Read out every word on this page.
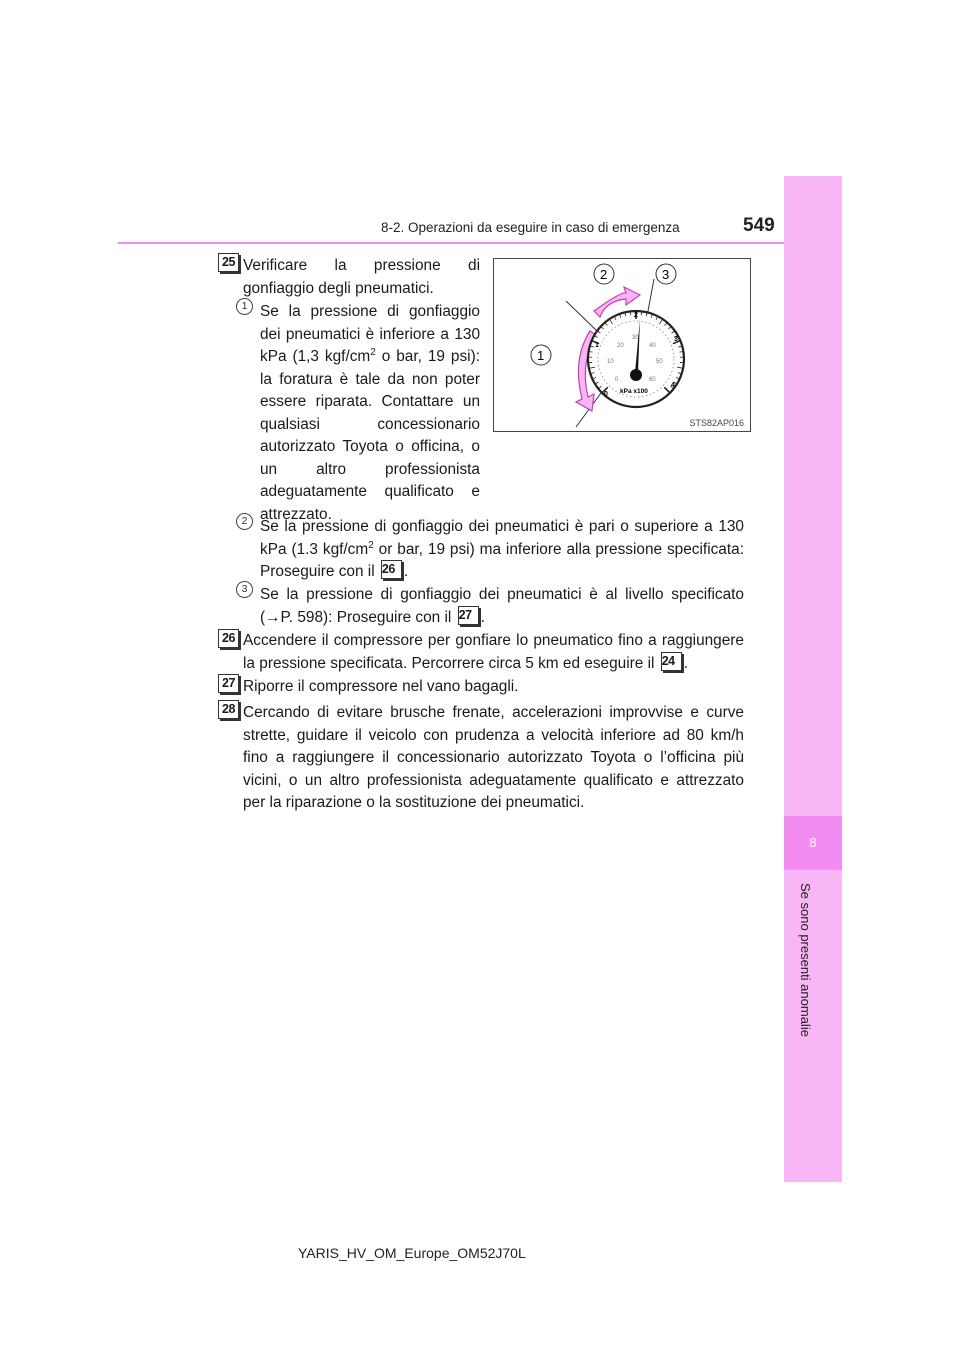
8-2. Operazioni da eseguire in caso di emergenza	549
8
Se sono presenti anomalie
25 Verificare la pressione di gonfiaggio degli pneumatici.
1 Se la pressione di gonfiaggio dei pneumatici è inferiore a 130 kPa (1,3 kgf/$cm^2$ o bar, 19 psi): la foratura è tale da non poter essere riparata. Contattare un qualsiasi concessionario autorizzato Toyota o officina, o un altro professionista adeguatamente qualificato e attrezzato.
2
1
3
0
4
0
10
20
30
40
50
60
kPa x100
1
2	3
STS82AP016
2 Se la pressione di gonfiaggio dei pneumatici è pari o superiore a 130 kPa (1.3 kgf/$cm^2$ or bar, 19 psi) ma inferiore alla pressione specificata: Proseguire con il 26 .
3 Se la pressione di gonfiaggio dei pneumatici è al livello specificato (→P. 598): Proseguire con il 27 .
26 Accendere il compressore per gonfiare lo pneumatico fino a raggiungere la pressione specificata. Percorrere circa 5 km ed eseguire il 24 .
27 Riporre il compressore nel vano bagagli.
28 Cercando di evitare brusche frenate, accelerazioni improvvise e curve strette, guidare il veicolo con prudenza a velocità inferiore ad 80 km/h fino a raggiungere il concessionario autorizzato Toyota o l’officina più vicini, o un altro professionista adeguatamente qualificato e attrezzato per la riparazione o la sostituzione dei pneumatici.
YARIS_HV_OM_Europe_OM52J70L
